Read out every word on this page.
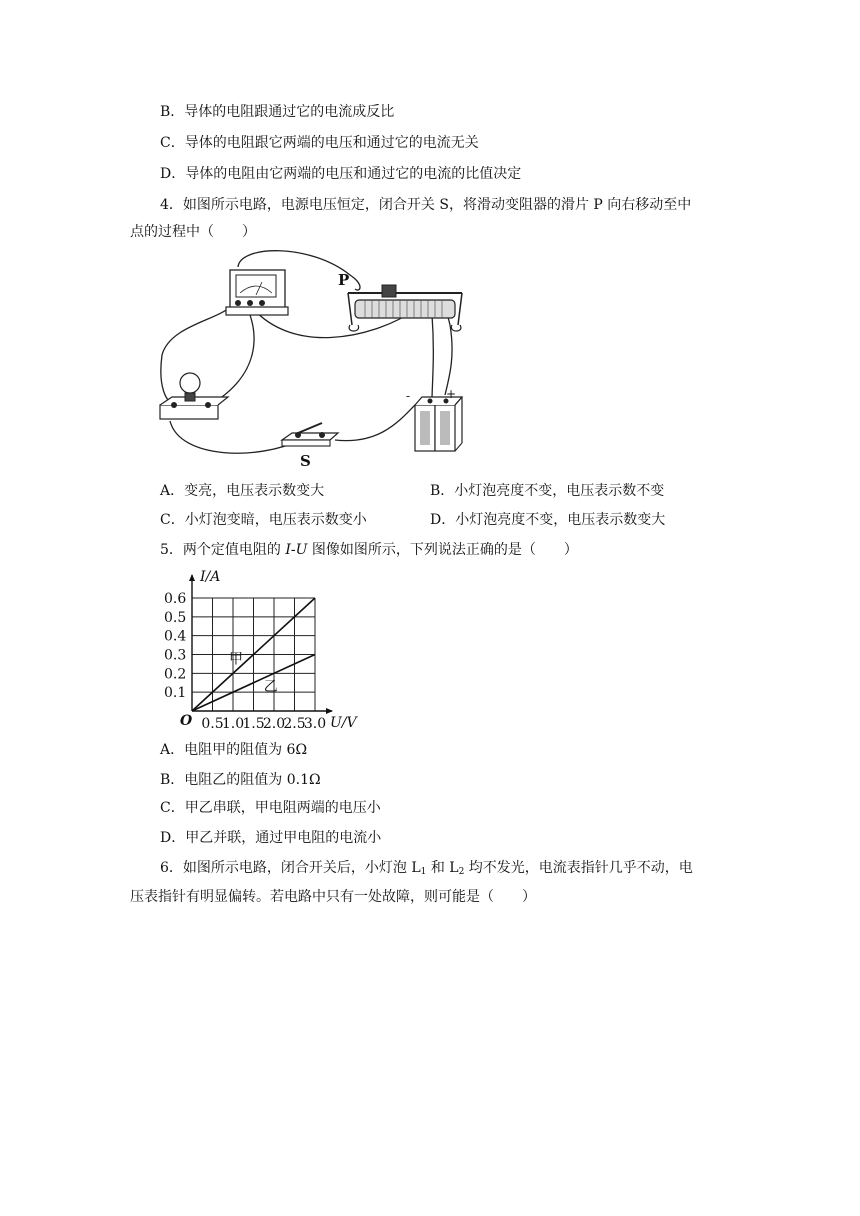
B．导体的电阻跟通过它的电流成反比
C．导体的电阻跟它两端的电压和通过它的电流无关
D．导体的电阻由它两端的电压和通过它的电流的比值决定
4．如图所示电路，电源电压恒定，闭合开关 S，将滑动变阻器的滑片 P 向右移动至中
点的过程中（　　）
P
S
-	+
A．变亮，电压表示数变大	B．小灯泡亮度不变，电压表示数不变
C．小灯泡变暗，电压表示数变小	D．小灯泡亮度不变，电压表示数变大
5．两个定值电阻的 I-U 图像如图所示，下列说法正确的是（　　）
0.1
0.2
0.3
0.4
0.5
0.6
0.5
1.0
1.5
2.0
2.5
3.0
甲
乙
I/A
U/V
O
A．电阻甲的阻值为 6Ω
B．电阻乙的阻值为 0.1Ω
C．甲乙串联，甲电阻两端的电压小
D．甲乙并联，通过甲电阻的电流小
6．如图所示电路，闭合开关后，小灯泡 $L_1$ 和 $L_2$ 均不发光，电流表指针几乎不动，电
压表指针有明显偏转。若电路中只有一处故障，则可能是（　　）
